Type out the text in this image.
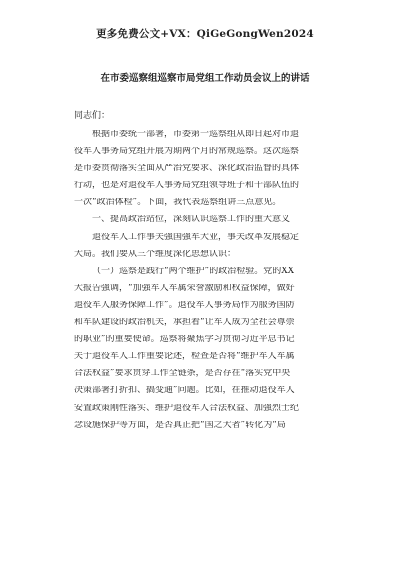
更多免费公文+VX：QiGeGongWen2024
在市委巡察组巡察市局党组工作动员会议上的讲话
同志们：
根据市委统一部署，市委第一巡察组从即日起对市退
役军人事务局党组开展为期两个月的常规巡察。这次巡察
是市委贯彻落实全面从严治党要求、深化政治监督的具体
行动，也是对退役军人事务局党组领导班子和干部队伍的
一次“政治体检”。下面，我代表巡察组讲三点意见。
一、提高政治站位，深刻认识巡察工作的重大意义
退役军人工作事关强国强军大业，事关改革发展稳定
大局。我们要从三个维度深化思想认识：
（一）巡察是践行“两个维护”的政治检验。党的XX
大报告强调，“加强军人军属荣誉激励和权益保障，做好
退役军人服务保障工作”。退役军人事务局作为服务国防
和军队建设的政治机关，承担着“让军人成为全社会尊崇
的职业”的重要使命。巡察将聚焦学习贯彻习近平总书记
关于退役军人工作重要论述，检查是否将“维护军人军属
合法权益”要求贯穿工作全链条，是否存在“落实党中央
决策部署打折扣、搞变通”问题。比如，在推动退役军人
安置政策刚性落实、维护退役军人合法权益、加强烈士纪
念设施保护等方面，是否真正把“国之大者”转化为“局
